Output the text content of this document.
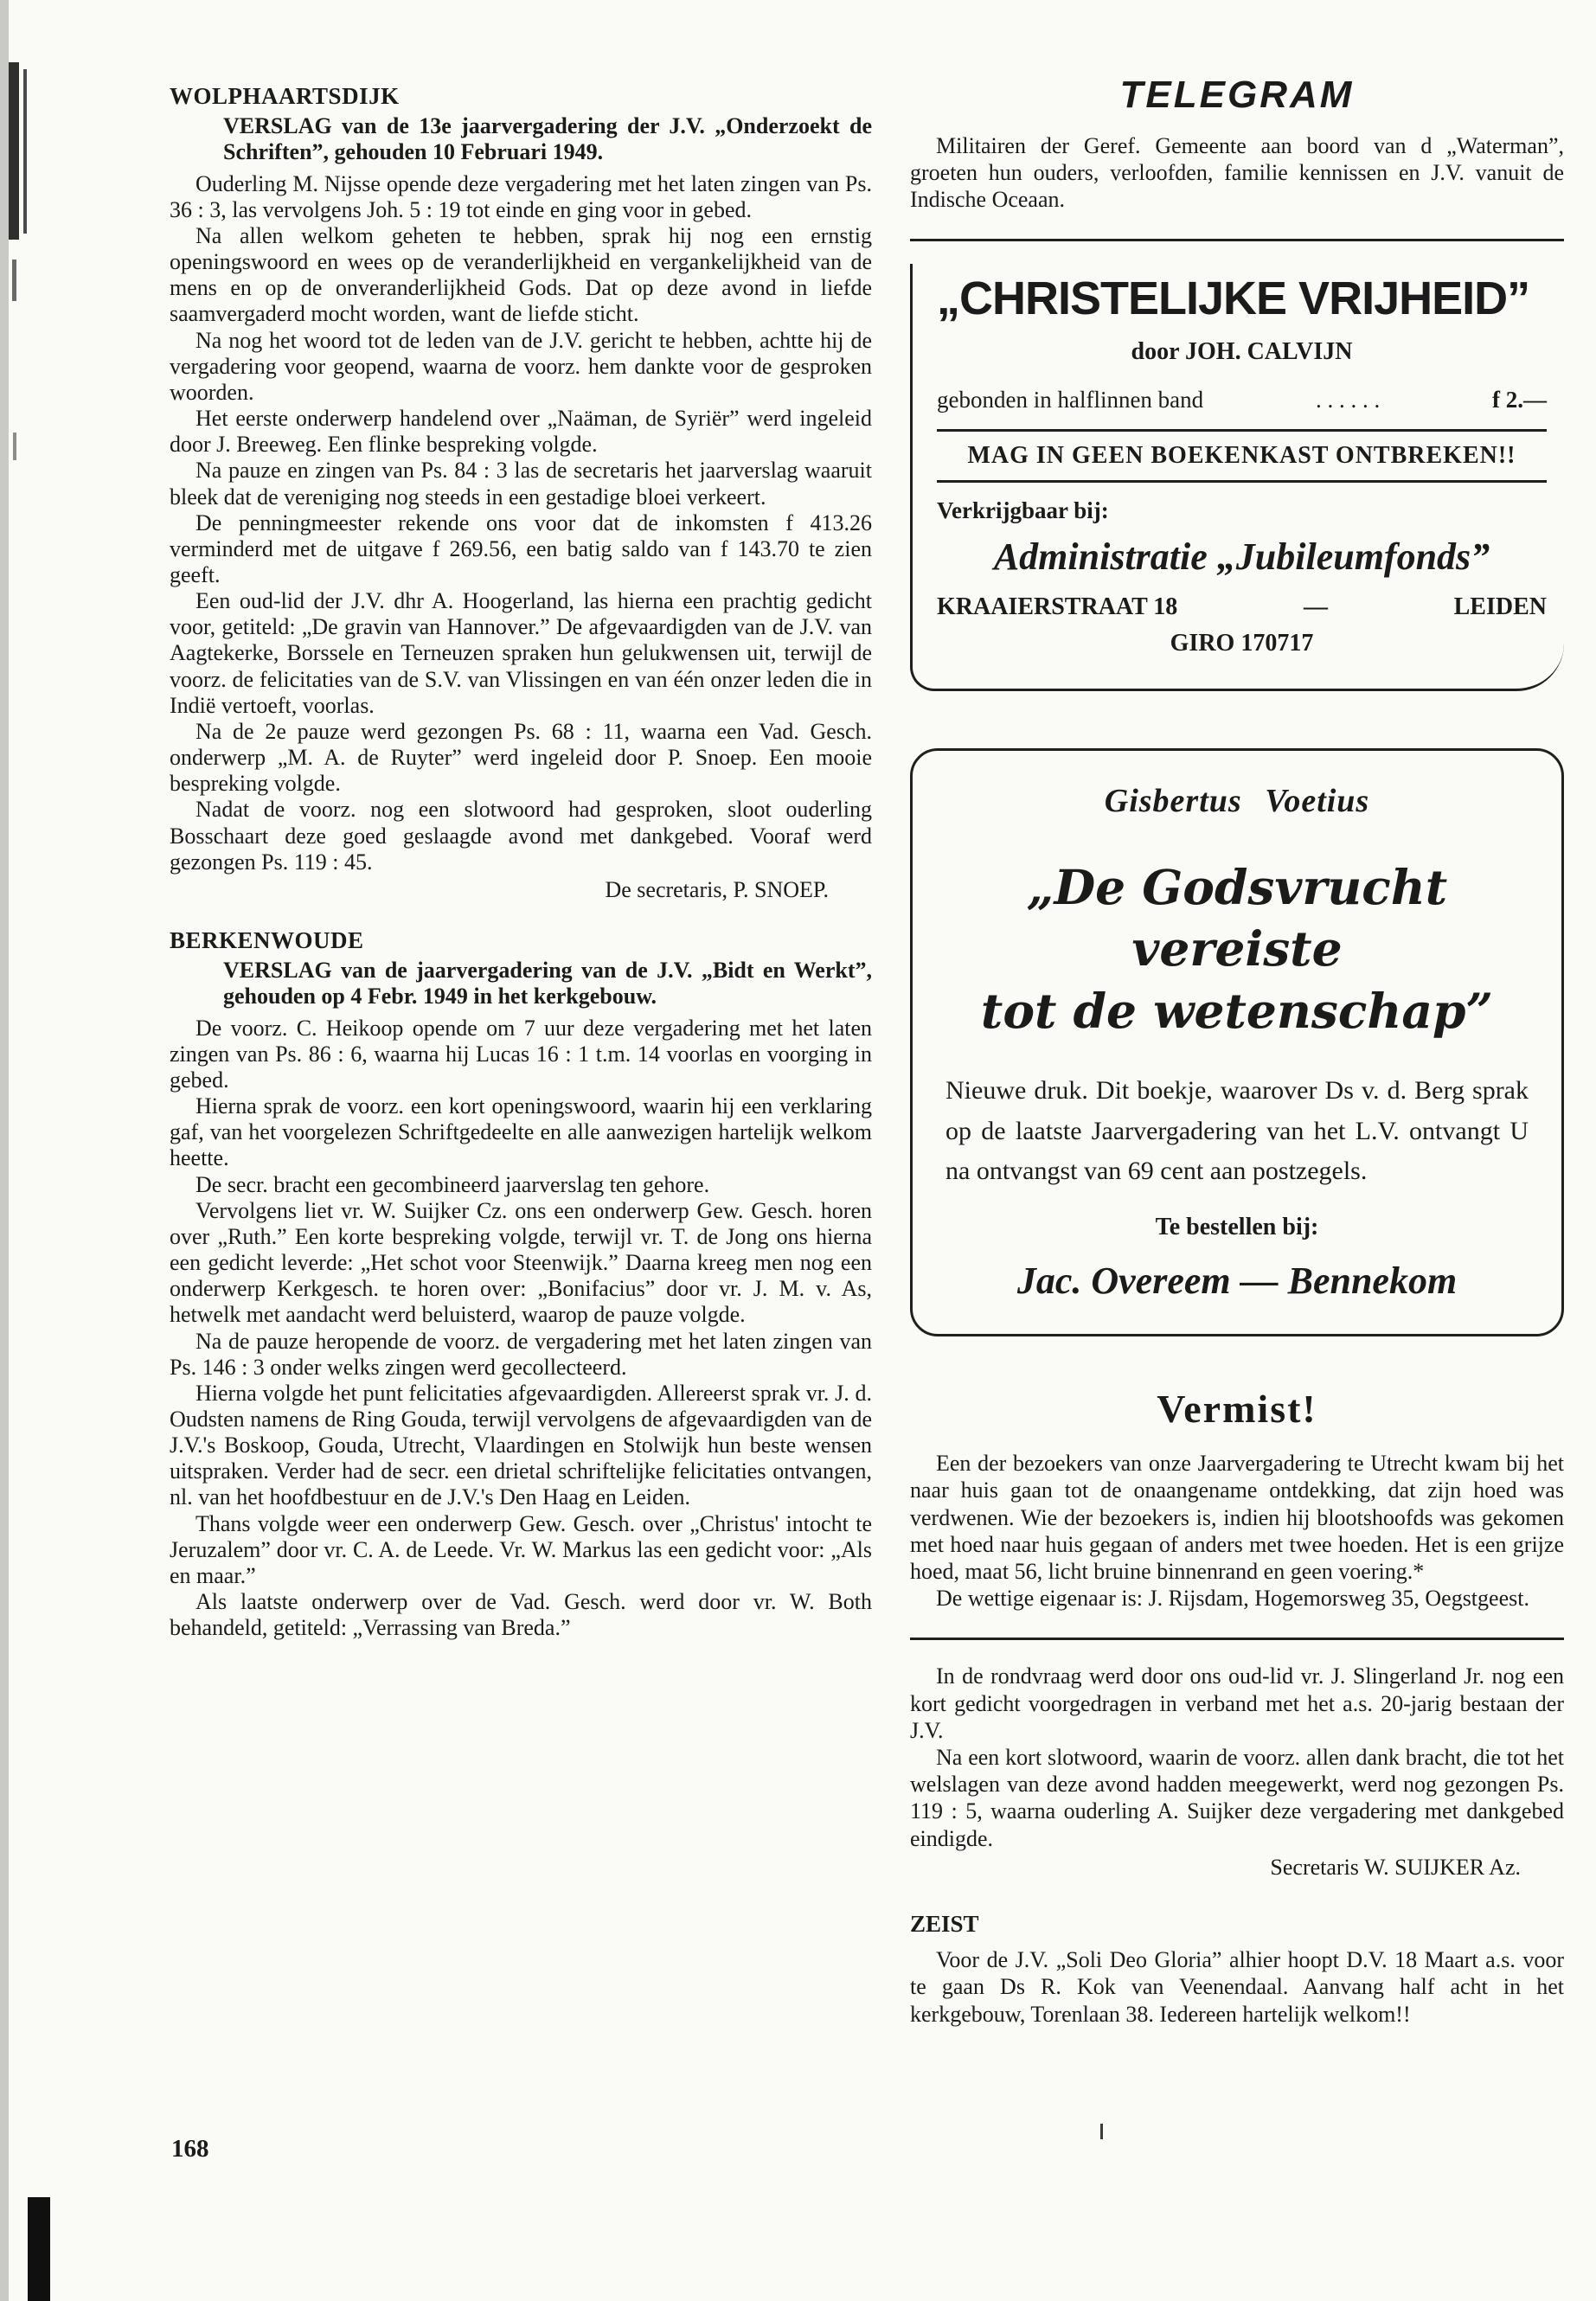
WOLPHAARTSDIJK

VERSLAG van de 13e jaarvergadering der J.V. „Onderzoekt de Schriften”, gehouden 10 Februari 1949.

Ouderling M. Nijsse opende deze vergadering met het laten zingen van Ps. 36 : 3, las vervolgens Joh. 5 : 19 tot einde en ging voor in gebed.

Na allen welkom geheten te hebben, sprak hij nog een ernstig openingswoord en wees op de veranderlijkheid en vergankelijkheid van de mens en op de onveranderlijkheid Gods. Dat op deze avond in liefde saamvergaderd mocht worden, want de liefde sticht.

Na nog het woord tot de leden van de J.V. gericht te hebben, achtte hij de vergadering voor geopend, waarna de voorz. hem dankte voor de gesproken woorden.

Het eerste onderwerp handelend over „Naäman, de Syriër” werd ingeleid door J. Breeweg. Een flinke bespreking volgde.

Na pauze en zingen van Ps. 84 : 3 las de secretaris het jaarverslag waaruit bleek dat de vereniging nog steeds in een gestadige bloei verkeert.

De penningmeester rekende ons voor dat de inkomsten f 413.26 verminderd met de uitgave f 269.56, een batig saldo van f 143.70 te zien geeft.

Een oud-lid der J.V. dhr A. Hoogerland, las hierna een prachtig gedicht voor, getiteld: „De gravin van Hannover.” De afgevaardigden van de J.V. van Aagtekerke, Borssele en Terneuzen spraken hun gelukwensen uit, terwijl de voorz. de felicitaties van de S.V. van Vlissingen en van één onzer leden die in Indië vertoeft, voorlas.

Na de 2e pauze werd gezongen Ps. 68 : 11, waarna een Vad. Gesch. onderwerp „M. A. de Ruyter” werd ingeleid door P. Snoep. Een mooie bespreking volgde.

Nadat de voorz. nog een slotwoord had gesproken, sloot ouderling Bosschaart deze goed geslaagde avond met dankgebed. Vooraf werd gezongen Ps. 119 : 45.

De secretaris, P. SNOEP.

BERKENWOUDE

VERSLAG van de jaarvergadering van de J.V. „Bidt en Werkt”, gehouden op 4 Febr. 1949 in het kerkgebouw.

De voorz. C. Heikoop opende om 7 uur deze vergadering met het laten zingen van Ps. 86 : 6, waarna hij Lucas 16 : 1 t.m. 14 voorlas en voorging in gebed.

Hierna sprak de voorz. een kort openingswoord, waarin hij een verklaring gaf, van het voorgelezen Schriftgedeelte en alle aanwezigen hartelijk welkom heette.

De secr. bracht een gecombineerd jaarverslag ten gehore.

Vervolgens liet vr. W. Suijker Cz. ons een onderwerp Gew. Gesch. horen over „Ruth.” Een korte bespreking volgde, terwijl vr. T. de Jong ons hierna een gedicht leverde: „Het schot voor Steenwijk.” Daarna kreeg men nog een onderwerp Kerkgesch. te horen over: „Bonifacius” door vr. J. M. v. As, hetwelk met aandacht werd beluisterd, waarop de pauze volgde.

Na de pauze heropende de voorz. de vergadering met het laten zingen van Ps. 146 : 3 onder welks zingen werd gecollecteerd.

Hierna volgde het punt felicitaties afgevaardigden. Allereerst sprak vr. J. d. Oudsten namens de Ring Gouda, terwijl vervolgens de afgevaardigden van de J.V.'s Boskoop, Gouda, Utrecht, Vlaardingen en Stolwijk hun beste wensen uitspraken. Verder had de secr. een drietal schriftelijke felicitaties ontvangen, nl. van het hoofdbestuur en de J.V.'s Den Haag en Leiden.

Thans volgde weer een onderwerp Gew. Gesch. over „Christus' intocht te Jeruzalem” door vr. C. A. de Leede. Vr. W. Markus las een gedicht voor: „Als en maar.”

Als laatste onderwerp over de Vad. Gesch. werd door vr. W. Both behandeld, getiteld: „Verrassing van Breda.”

TELEGRAM

Militairen der Geref. Gemeente aan boord van d „Waterman”, groeten hun ouders, verloofden, familie kennissen en J.V. vanuit de Indische Oceaan.

„CHRISTELIJKE VRIJHEID”
door JOH. CALVIJN
gebonden in halflinnen band	. . . . . .	f 2.—
MAG IN GEEN BOEKENKAST ONTBREKEN!!
Verkrijgbaar bij:
Administratie „Jubileumfonds”
KRAAIERSTRAAT 18	—	LEIDEN
GIRO 170717
Gisbertus Voetius
„De Godsvrucht vereiste
tot de wetenschap”

Nieuwe druk. Dit boekje, waarover Ds v. d. Berg sprak op de laatste Jaarvergadering van het L.V. ontvangt U na ontvangst van 69 cent aan postzegels.

Te bestellen bij:
Jac. Overeem — Bennekom
Vermist!

Een der bezoekers van onze Jaarvergadering te Utrecht kwam bij het naar huis gaan tot de onaangename ontdekking, dat zijn hoed was verdwenen. Wie der bezoekers is, indien hij blootshoofds was gekomen met hoed naar huis gegaan of anders met twee hoeden. Het is een grijze hoed, maat 56, licht bruine binnenrand en geen voering.*

De wettige eigenaar is: J. Rijsdam, Hogemorsweg 35, Oegstgeest.

In de rondvraag werd door ons oud-lid vr. J. Slingerland Jr. nog een kort gedicht voorgedragen in verband met het a.s. 20-jarig bestaan der J.V.

Na een kort slotwoord, waarin de voorz. allen dank bracht, die tot het welslagen van deze avond hadden meegewerkt, werd nog gezongen Ps. 119 : 5, waarna ouderling A. Suijker deze vergadering met dankgebed eindigde.

Secretaris W. SUIJKER Az.

ZEIST

Voor de J.V. „Soli Deo Gloria” alhier hoopt D.V. 18 Maart a.s. voor te gaan Ds R. Kok van Veenendaal. Aanvang half acht in het kerkgebouw, Torenlaan 38. Iedereen hartelijk welkom!!

168
